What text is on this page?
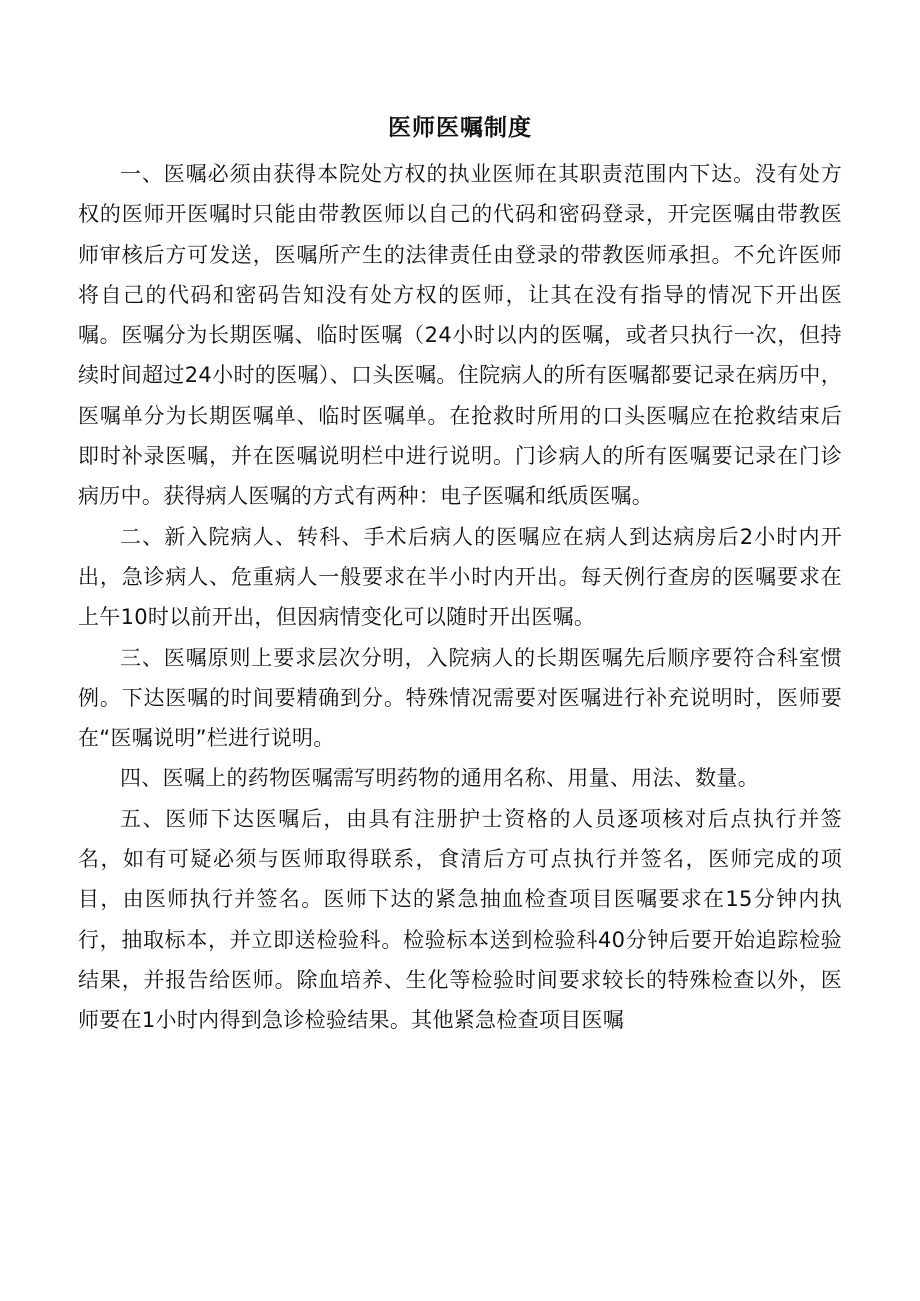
医师医嘱制度

一、医嘱必须由获得本院处方权的执业医师在其职责范围内下达。没有处方权的医师开医嘱时只能由带教医师以自己的代码和密码登录，开完医嘱由带教医师审核后方可发送，医嘱所产生的法律责任由登录的带教医师承担。不允许医师将自己的代码和密码告知没有处方权的医师，让其在没有指导的情况下开出医嘱。医嘱分为长期医嘱、临时医嘱（24小时以内的医嘱，或者只执行一次，但持续时间超过24小时的医嘱）、口头医嘱。住院病人的所有医嘱都要记录在病历中，医嘱单分为长期医嘱单、临时医嘱单。在抢救时所用的口头医嘱应在抢救结束后即时补录医嘱，并在医嘱说明栏中进行说明。门诊病人的所有医嘱要记录在门诊病历中。获得病人医嘱的方式有两种：电子医嘱和纸质医嘱。

二、新入院病人、转科、手术后病人的医嘱应在病人到达病房后2小时内开出，急诊病人、危重病人一般要求在半小时内开出。每天例行查房的医嘱要求在上午10时以前开出，但因病情变化可以随时开出医嘱。

三、医嘱原则上要求层次分明，入院病人的长期医嘱先后顺序要符合科室惯例。下达医嘱的时间要精确到分。特殊情况需要对医嘱进行补充说明时，医师要在“医嘱说明”栏进行说明。

四、医嘱上的药物医嘱需写明药物的通用名称、用量、用法、数量。

五、医师下达医嘱后，由具有注册护士资格的人员逐项核对后点执行并签名，如有可疑必须与医师取得联系，食清后方可点执行并签名，医师完成的项目，由医师执行并签名。医师下达的紧急抽血检查项目医嘱要求在15分钟内执行，抽取标本，并立即送检验科。检验标本送到检验科40分钟后要开始追踪检验结果，并报告给医师。除血培养、生化等检验时间要求较长的特殊检查以外，医师要在1小时内得到急诊检验结果。其他紧急检查项目医嘱
